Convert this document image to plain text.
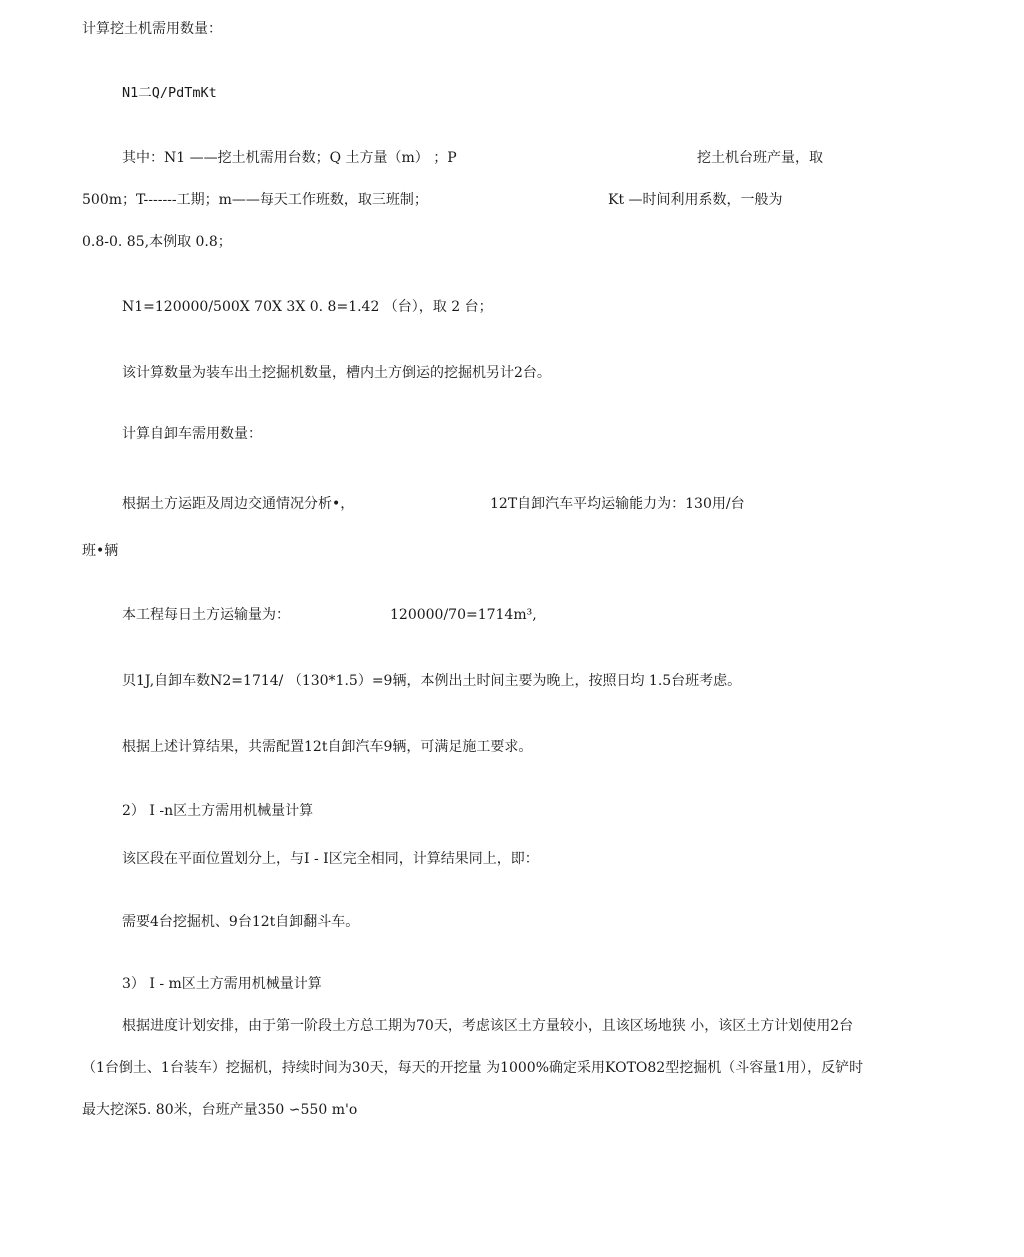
计算挖土机需用数量：

N1二Q/PdTmKt

其中：N1 ——挖土机需用台数；Q 土方量（m） ；P	挖土机台班产量，取

500m；T-------工期；m——每天工作班数，取三班制；	Kt —时间利用系数，一般为

0.8-0. 85,本例取 0.8；

N1=120000/500X 70X 3X 0. 8=1.42 （台），取 2 台；

该计算数量为装车出土挖掘机数量，槽内土方倒运的挖掘机另计2台。

计算自卸车需用数量：

根据土方运距及周边交通情况分析•，	12T自卸汽车平均运输能力为：130用/台

班•辆

本工程每日土方运输量为：	120000/70=1714m³,

贝1J,自卸车数N2=1714/ （130*1.5）=9辆，本例出土时间主要为晚上，按照日均 1.5台班考虑。

根据上述计算结果，共需配置12t自卸汽车9辆，可满足施工要求。

2） I -n区土方需用机械量计算

该区段在平面位置划分上，与I - I区完全相同，计算结果同上，即：

需要4台挖掘机、9台12t自卸翻斗车。

3） I - m区土方需用机械量计算

根据进度计划安排，由于第一阶段土方总工期为70天，考虑该区土方量较小，且该区场地狭 小，该区土方计划使用2台

（1台倒土、1台装车）挖掘机，持续时间为30天，每天的开挖量 为1000%确定采用KOTO82型挖掘机（斗容量1用），反铲时

最大挖深5. 80米，台班产量350 ∽550 m'o
